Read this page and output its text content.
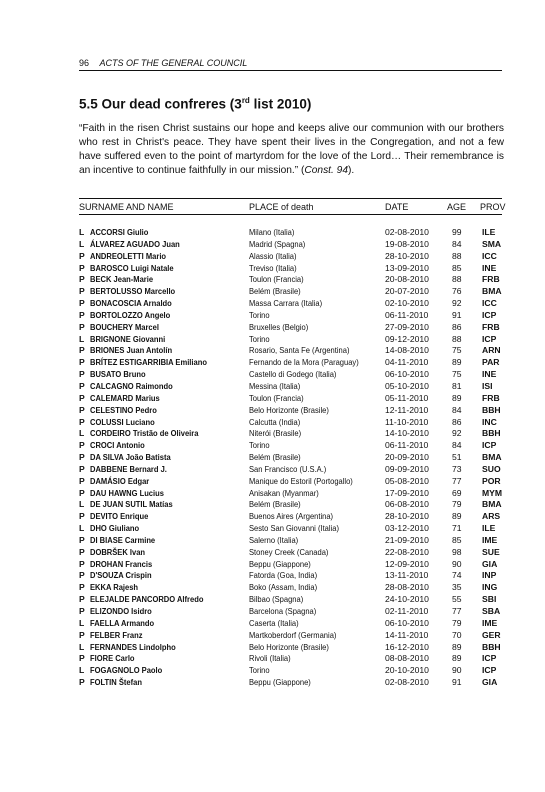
96 ACTS OF THE GENERAL COUNCIL
5.5 Our dead confreres (3rd list 2010)

“Faith in the risen Christ sustains our hope and keeps alive our communion with our brothers who rest in Christ's peace. They have spent their lives in the Congregation, and not a few have suffered even to the point of martyrdom for the love of the Lord… Their remembrance is an incentive to continue faithfully in our mission.” (Const. 94).

SURNAME AND NAME	PLACE of death	DATE	AGE PROV
L ACCORSI Giulio	Milano (Italia)	02-08-2010	99 ILE
L ÁLVAREZ AGUADO Juan	Madrid (Spagna)	19-08-2010	84 SMA
P ANDREOLETTI Mario	Alassio (Italia)	28-10-2010	88 ICC
P BAROSCO Luigi Natale	Treviso (Italia)	13-09-2010	85 INE
P BECK Jean-Marie	Toulon (Francia)	20-08-2010	88 FRB
P BERTOLUSSO Marcello	Belém (Brasile)	20-07-2010	76 BMA
P BONACOSCIA Arnaldo	Massa Carrara (Italia)	02-10-2010	92 ICC
P BORTOLOZZO Angelo	Torino	06-11-2010	91 ICP
P BOUCHERY Marcel	Bruxelles (Belgio)	27-09-2010	86 FRB
L BRIGNONE Giovanni	Torino	09-12-2010	88 ICP
P BRIONES Juan Antolín	Rosario, Santa Fe (Argentina)	14-08-2010	75 ARN
P BRÍTEZ ESTIGARRIBIA Emiliano	Fernando de la Mora (Paraguay)	04-11-2010	89 PAR
P BUSATO Bruno	Castello di Godego (Italia)	06-10-2010	75 INE
P CALCAGNO Raimondo	Messina (Italia)	05-10-2010	81 ISI
P CALEMARD Marius	Toulon (Francia)	05-11-2010	89 FRB
P CELESTINO Pedro	Belo Horizonte (Brasile)	12-11-2010	84 BBH
P COLUSSI Luciano	Calcutta (India)	11-10-2010	86 INC
L CORDEIRO Tristão de Oliveira	Niterói (Brasile)	14-10-2010	92 BBH
P CROCI Antonio	Torino	06-11-2010	84 ICP
P DA SILVA João Batista	Belém (Brasile)	20-09-2010	51 BMA
P DABBENE Bernard J.	San Francisco (U.S.A.)	09-09-2010	73 SUO
P DAMÁSIO Edgar	Manique do Estoril (Portogallo)	05-08-2010	77 POR
P DAU HAWNG Lucius	Anisakan (Myanmar)	17-09-2010	69 MYM
L DE JUAN SUTIL Matías	Belém (Brasile)	06-08-2010	79 BMA
P DEVITO Enrique	Buenos Aires (Argentina)	28-10-2010	89 ARS
L DHO Giuliano	Sesto San Giovanni (Italia)	03-12-2010	71 ILE
P DI BIASE Carmine	Salerno (Italia)	21-09-2010	85 IME
P DOBRŠEK Ivan	Stoney Creek (Canada)	22-08-2010	98 SUE
P DROHAN Francis	Beppu (Giappone)	12-09-2010	90 GIA
P D'SOUZA Crispin	Fatorda (Goa, India)	13-11-2010	74 INP
P EKKA Rajesh	Boko (Assam, India)	28-08-2010	35 ING
P ELEJALDE PANCORDO Alfredo	Bilbao (Spagna)	24-10-2010	55 SBI
P ELIZONDO Isidro	Barcelona (Spagna)	02-11-2010	77 SBA
L FAELLA Armando	Caserta (Italia)	06-10-2010	79 IME
P FELBER Franz	Martkoberdorf (Germania)	14-11-2010	70 GER
L FERNANDES Lindolpho	Belo Horizonte (Brasile)	16-12-2010	89 BBH
P FIORE Carlo	Rivoli (Italia)	08-08-2010	89 ICP
L FOGAGNOLO Paolo	Torino	20-10-2010	90 ICP
P FOLTIN Štefan	Beppu (Giappone)	02-08-2010	91 GIA
